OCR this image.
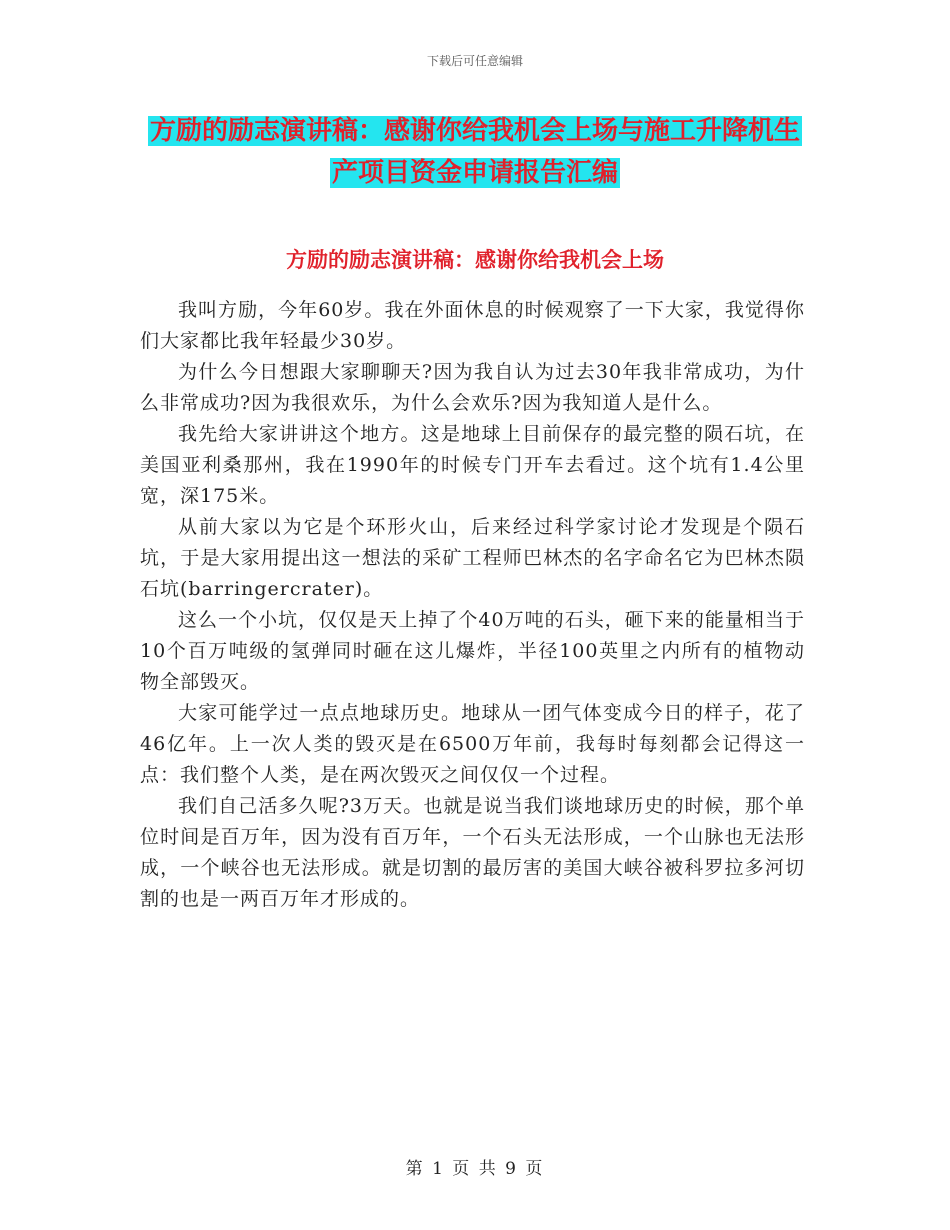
下载后可任意编辑
方励的励志演讲稿：感谢你给我机会上场与施工升降机生产项目资金申请报告汇编
方励的励志演讲稿：感谢你给我机会上场

我叫方励，今年60岁。我在外面休息的时候观察了一下大家，我觉得你们大家都比我年轻最少30岁。

为什么今日想跟大家聊聊天?因为我自认为过去30年我非常成功，为什么非常成功?因为我很欢乐，为什么会欢乐?因为我知道人是什么。

我先给大家讲讲这个地方。这是地球上目前保存的最完整的陨石坑，在美国亚利桑那州，我在1990年的时候专门开车去看过。这个坑有1.4公里宽，深175米。

从前大家以为它是个环形火山，后来经过科学家讨论才发现是个陨石坑，于是大家用提出这一想法的采矿工程师巴林杰的名字命名它为巴林杰陨石坑(barringercrater)。

这么一个小坑，仅仅是天上掉了个40万吨的石头，砸下来的能量相当于10个百万吨级的氢弹同时砸在这儿爆炸，半径100英里之内所有的植物动物全部毁灭。

大家可能学过一点点地球历史。地球从一团气体变成今日的样子，花了46亿年。上一次人类的毁灭是在6500万年前，我每时每刻都会记得这一点：我们整个人类，是在两次毁灭之间仅仅一个过程。

我们自己活多久呢?3万天。也就是说当我们谈地球历史的时候，那个单位时间是百万年，因为没有百万年，一个石头无法形成，一个山脉也无法形成，一个峡谷也无法形成。就是切割的最厉害的美国大峡谷被科罗拉多河切割的也是一两百万年才形成的。

第 1 页 共 9 页
